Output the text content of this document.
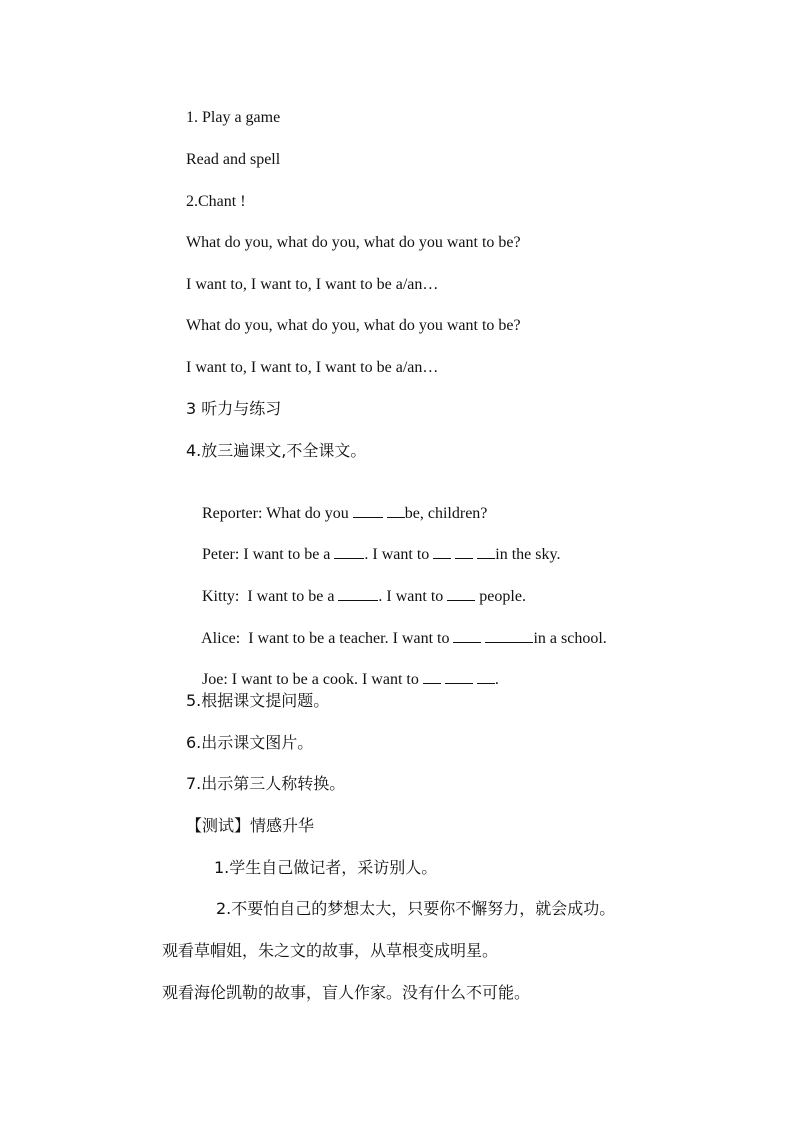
1. Play a game
Read and spell
2.Chant !
What do you, what do you, what do you want to be?
I want to, I want to, I want to be a/an…
What do you, what do you, what do you want to be?
I want to, I want to, I want to be a/an…
3 听力与练习
4.放三遍课文,不全课文。

Reporter: What do you	be, children?

Peter: I want to be a . I want to	in the sky.

Kitty:  I want to be a	. I want to  people.

Alice:  I want to be a teacher. I want to	in a school.

Joe: I want to be a cook. I want to	.

5.根据课文提问题。
6.出示课文图片。
7.出示第三人称转换。
【测试】情感升华
1.学生自己做记者，采访别人。
2.不要怕自己的梦想太大，只要你不懈努力，就会成功。
观看草帽姐，朱之文的故事，从草根变成明星。
观看海伦凯勒的故事，盲人作家。没有什么不可能。
